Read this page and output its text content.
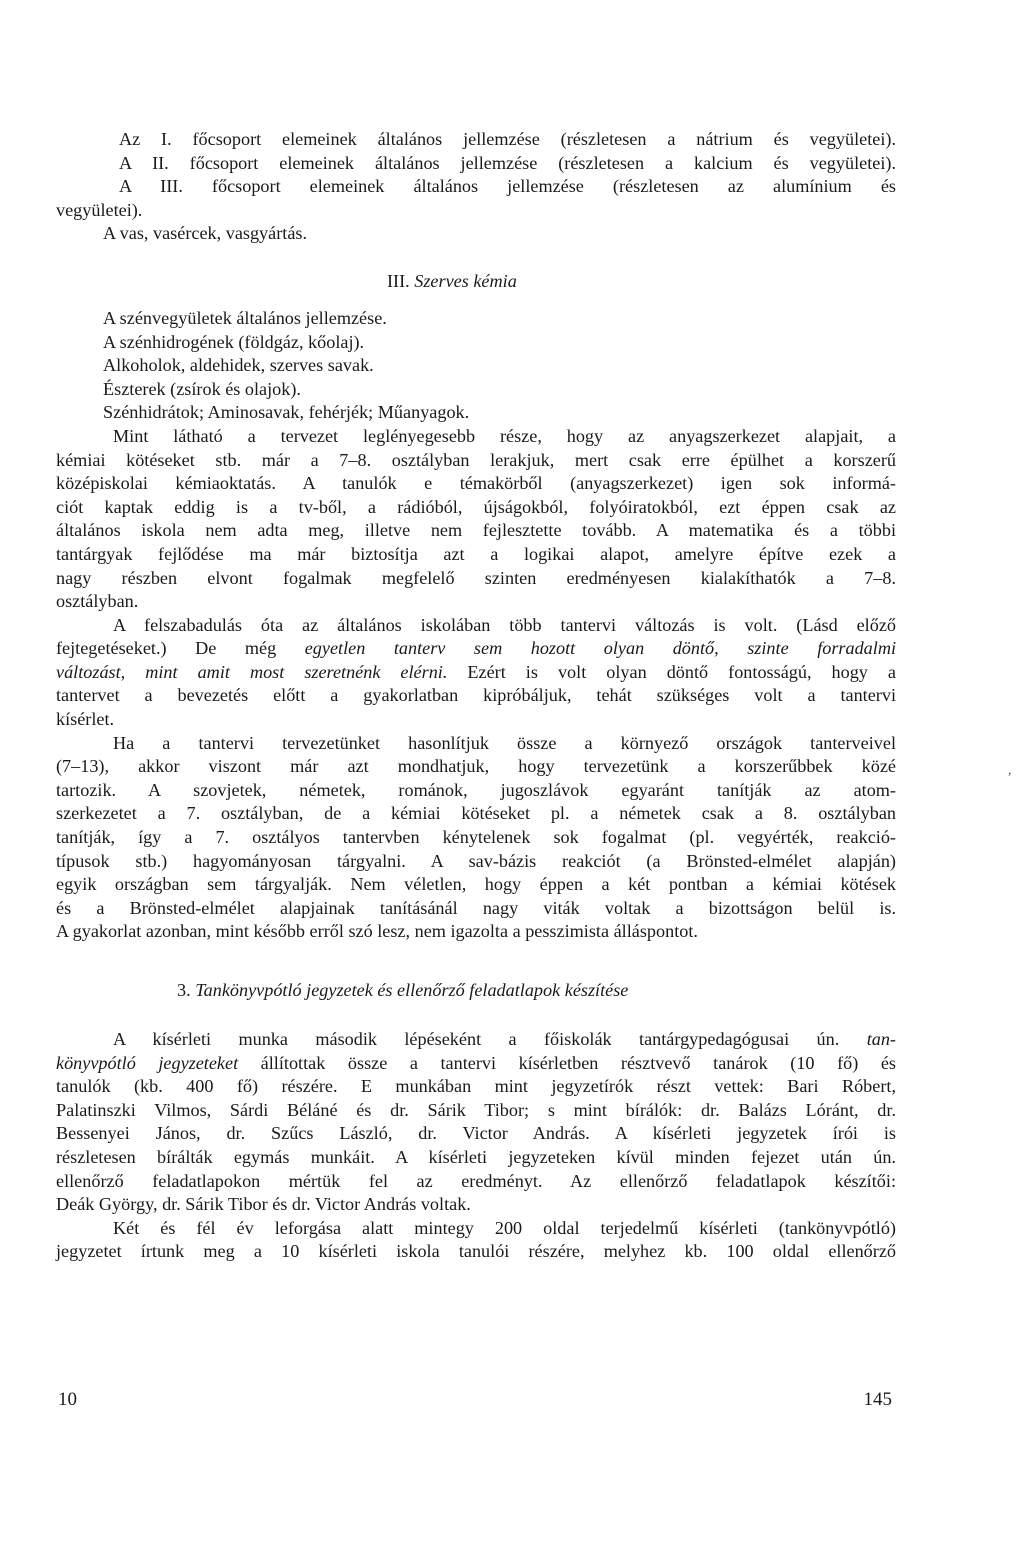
Az I. főcsoport elemeinek általános jellemzése (részletesen a nátrium és vegyületei).
A II. főcsoport elemeinek általános jellemzése (részletesen a kalcium és vegyületei).
A III. főcsoport elemeinek általános jellemzése (részletesen az alumínium és
vegyületei).
A vas, vasércek, vasgyártás.
III. Szerves kémia
A szénvegyületek általános jellemzése.
A szénhidrogének (földgáz, kőolaj).
Alkoholok, aldehidek, szerves savak.
Észterek (zsírok és olajok).
Szénhidrátok; Aminosavak, fehérjék; Műanyagok.
Mint látható a tervezet leglényegesebb része, hogy az anyagszerkezet alapjait, a
kémiai kötéseket stb. már a 7–8. osztályban lerakjuk, mert csak erre épülhet a korszerű
középiskolai kémiaoktatás. A tanulók e témakörből (anyagszerkezet) igen sok informá-
ciót kaptak eddig is a tv-ből, a rádióból, újságokból, folyóiratokból, ezt éppen csak az
általános iskola nem adta meg, illetve nem fejlesztette tovább. A matematika és a többi
tantárgyak fejlődése ma már biztosítja azt a logikai alapot, amelyre építve ezek a
nagy részben elvont fogalmak megfelelő szinten eredményesen kialakíthatók a 7–8.
osztályban.
A felszabadulás óta az általános iskolában több tantervi változás is volt. (Lásd előző
fejtegetéseket.) De még egyetlen tanterv sem hozott olyan döntő, szinte forradalmi
változást, mint amit most szeretnénk elérni. Ezért is volt olyan döntő fontosságú, hogy a
tantervet a bevezetés előtt a gyakorlatban kipróbáljuk, tehát szükséges volt a tantervi
kísérlet.
Ha a tantervi tervezetünket hasonlítjuk össze a környező országok tanterveivel
(7–13), akkor viszont már azt mondhatjuk, hogy tervezetünk a korszerűbbek közé
tartozik. A szovjetek, németek, románok, jugoszlávok egyaránt tanítják az atom-
szerkezetet a 7. osztályban, de a kémiai kötéseket pl. a németek csak a 8. osztályban
tanítják, így a 7. osztályos tantervben kénytelenek sok fogalmat (pl. vegyérték, reakció-
típusok stb.) hagyományosan tárgyalni. A sav-bázis reakciót (a Brönsted-elmélet alapján)
egyik országban sem tárgyalják. Nem véletlen, hogy éppen a két pontban a kémiai kötések
és a Brönsted-elmélet alapjainak tanításánál nagy viták voltak a bizottságon belül is.
A gyakorlat azonban, mint később erről szó lesz, nem igazolta a pesszimista álláspontot.
3. Tankönyvpótló jegyzetek és ellenőrző feladatlapok készítése
A kísérleti munka második lépéseként a főiskolák tantárgypedagógusai ún. tan-
könyvpótló jegyzeteket állítottak össze a tantervi kísérletben résztvevő tanárok (10 fő) és
tanulók (kb. 400 fő) részére. E munkában mint jegyzetírók részt vettek: Bari Róbert,
Palatinszki Vilmos, Sárdi Béláné és dr. Sárik Tibor; s mint bírálók: dr. Balázs Lóránt, dr.
Bessenyei János, dr. Szűcs László, dr. Victor András. A kísérleti jegyzetek írói is
részletesen bírálták egymás munkáit. A kísérleti jegyzeteken kívül minden fejezet után ún.
ellenőrző feladatlapokon mértük fel az eredményt. Az ellenőrző feladatlapok készítői:
Deák György, dr. Sárik Tibor és dr. Victor András voltak.
Két és fél év leforgása alatt mintegy 200 oldal terjedelmű kísérleti (tankönyvpótló)
jegyzetet írtunk meg a 10 kísérleti iskola tanulói részére, melyhez kb. 100 oldal ellenőrző
,
10	145
